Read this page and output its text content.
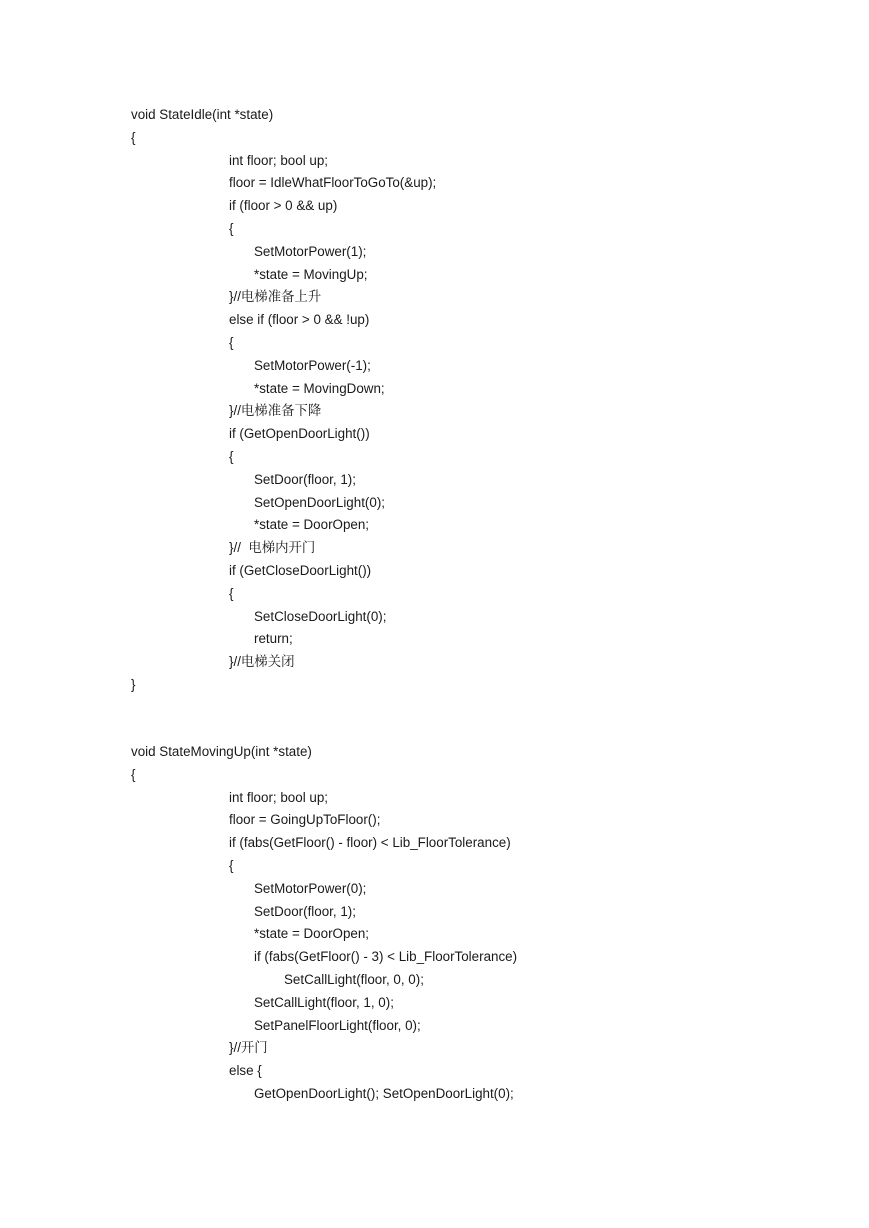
void StateIdle(int *state)
{
int floor; bool up;
floor = IdleWhatFloorToGoTo(&up);
if (floor > 0 && up)
{
SetMotorPower(1);
*state = MovingUp;
}//电梯准备上升
else if (floor > 0 && !up)
{
SetMotorPower(-1);
*state = MovingDown;
}//电梯准备下降
if (GetOpenDoorLight())
{
SetDoor(floor, 1);
SetOpenDoorLight(0);
*state = DoorOpen;
}//  电梯内开门
if (GetCloseDoorLight())
{
SetCloseDoorLight(0);
return;
}//电梯关闭
}
void StateMovingUp(int *state)
{
int floor; bool up;
floor = GoingUpToFloor();
if (fabs(GetFloor() - floor) < Lib_FloorTolerance)
{
SetMotorPower(0);
SetDoor(floor, 1);
*state = DoorOpen;
if (fabs(GetFloor() - 3) < Lib_FloorTolerance)
SetCallLight(floor, 0, 0);
SetCallLight(floor, 1, 0);
SetPanelFloorLight(floor, 0);
}//开门
else {
GetOpenDoorLight(); SetOpenDoorLight(0);
